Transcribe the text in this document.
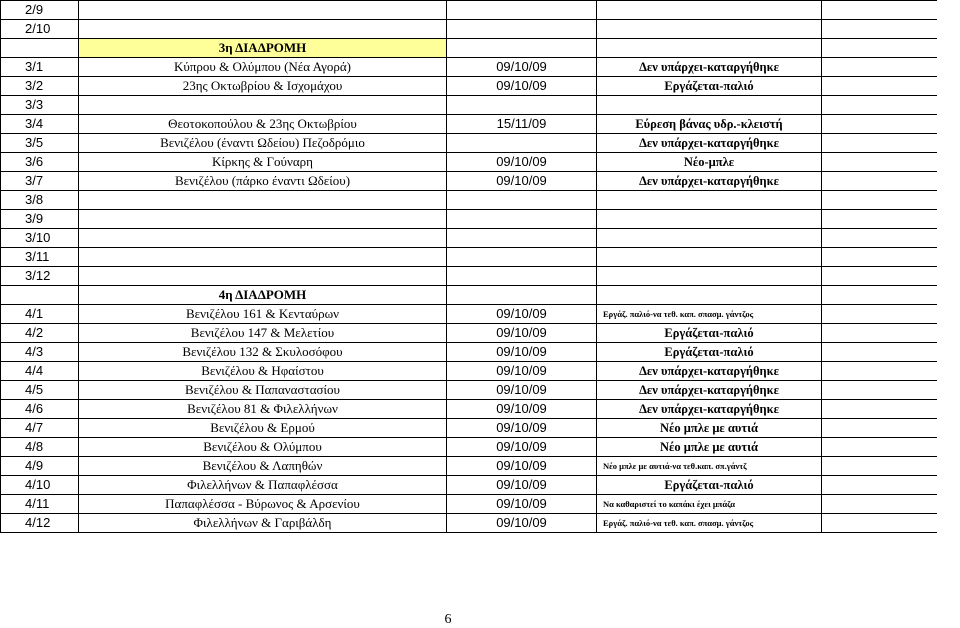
2/9				
2/10				
	3η ΔΙΑΔΡΟΜΗ			
3/1	Κύπρου & Ολύμπου (Νέα Αγορά)	09/10/09	Δεν υπάρχει-καταργήθηκε	
3/2	23ης Οκτωβρίου & Ισχομάχου	09/10/09	Εργάζεται-παλιό	
3/3				
3/4	Θεοτοκοπούλου & 23ης Οκτωβρίου	15/11/09	Εύρεση βάνας υδρ.-κλειστή	
3/5	Βενιζέλου (έναντι Ωδείου) Πεζοδρόμιο		Δεν υπάρχει-καταργήθηκε	
3/6	Κίρκης & Γούναρη	09/10/09	Νέο-μπλε	
3/7	Βενιζέλου (πάρκο έναντι Ωδείου)	09/10/09	Δεν υπάρχει-καταργήθηκε	
3/8				
3/9				
3/10				
3/11				
3/12				
	4η ΔΙΑΔΡΟΜΗ			
4/1	Βενιζέλου 161 & Κενταύρων	09/10/09	Εργάζ. παλιό-να τεθ. καπ. σπασμ. γάντζος	
4/2	Βενιζέλου 147 & Μελετίου	09/10/09	Εργάζεται-παλιό	
4/3	Βενιζέλου 132 & Σκυλοσόφου	09/10/09	Εργάζεται-παλιό	
4/4	Βενιζέλου & Ηφαίστου	09/10/09	Δεν υπάρχει-καταργήθηκε	
4/5	Βενιζέλου & Παπαναστασίου	09/10/09	Δεν υπάρχει-καταργήθηκε	
4/6	Βενιζέλου 81 & Φιλελλήνων	09/10/09	Δεν υπάρχει-καταργήθηκε	
4/7	Βενιζέλου & Ερμού	09/10/09	Νέο μπλε με αυτιά	
4/8	Βενιζέλου & Ολύμπου	09/10/09	Νέο μπλε με αυτιά	
4/9	Βενιζέλου & Λαπηθών	09/10/09	Νέο μπλε με αυτιά-να τεθ.καπ. σπ.γάντζ	
4/10	Φιλελλήνων & Παπαφλέσσα	09/10/09	Εργάζεται-παλιό	
4/11	Παπαφλέσσα - Βύρωνος & Αρσενίου	09/10/09	Να καθαριστεί το καπάκι έχει μπάζα	
4/12	Φιλελλήνων & Γαριβάλδη	09/10/09	Εργάζ. παλιό-να τεθ. καπ. σπασμ. γάντζος	
6
